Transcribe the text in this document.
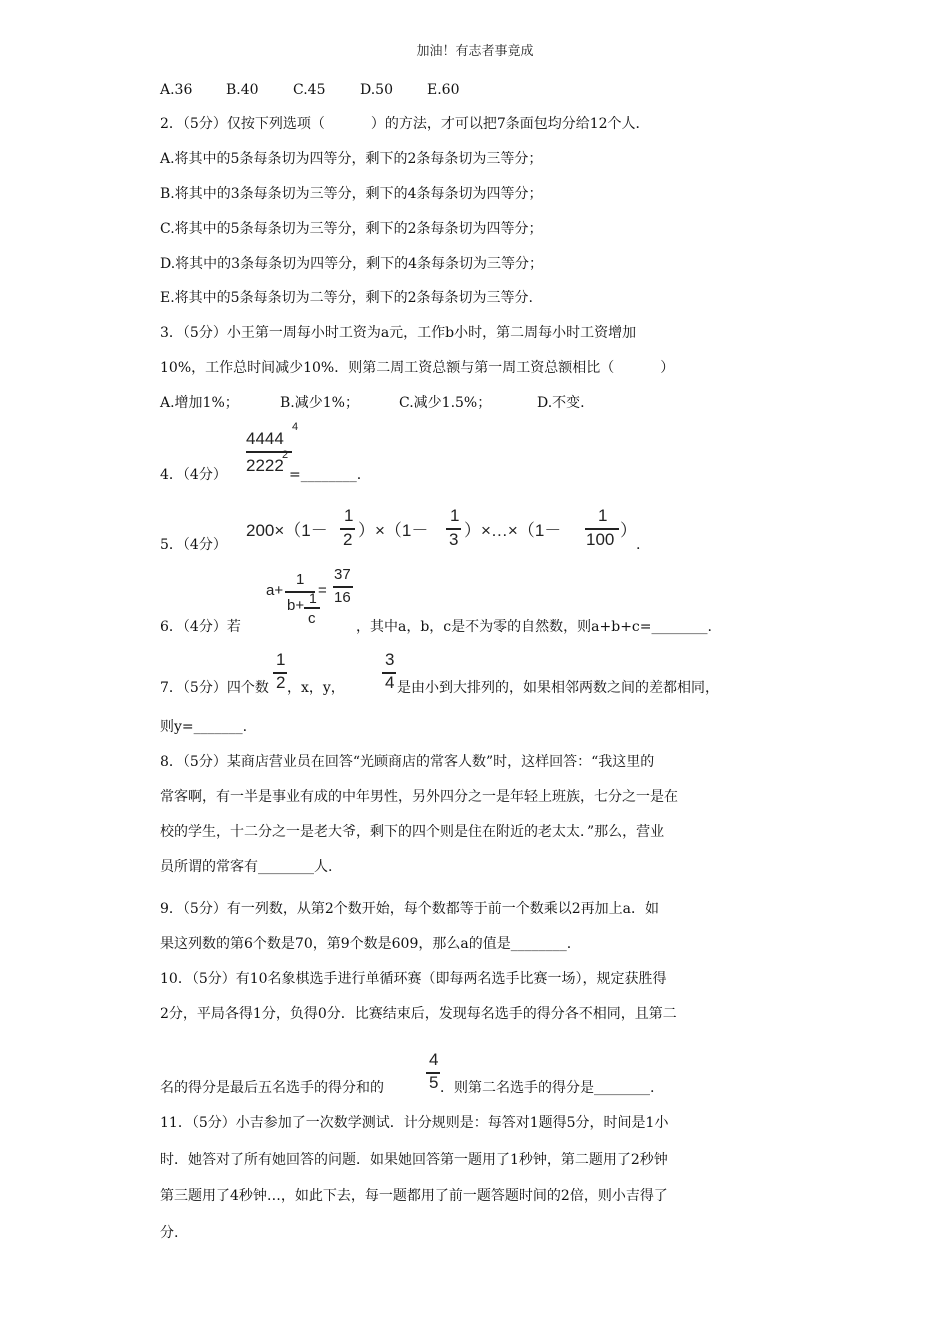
加油！有志者事竟成
A.36 B.40 C.45 D.50 E.60
2．（5分）仅按下列选项（	）的方法，才可以把7条面包均分给12个人．
A.将其中的5条每条切为四等分，剩下的2条每条切为三等分；
B.将其中的3条每条切为三等分，剩下的4条每条切为四等分；
C.将其中的5条每条切为三等分，剩下的2条每条切为四等分；
D.将其中的3条每条切为四等分，剩下的4条每条切为三等分；
E.将其中的5条每条切为二等分，剩下的2条每条切为三等分.
3．（5分）小王第一周每小时工资为a元，工作b小时，第二周每小时工资增加
10%，工作总时间减少10%．则第二周工资总额与第一周工资总额相比（	）
A.增加1%；	B.减少1%；	C.减少1.5%；	D.不变.
4．（4分）
4444
4
2222
2
=________.
5．（4分）
200×（1－
1
2 ）×（1－
1
3 ）×…×（1－
1
100 ）
.
6．（4分）若
a+
1
b+ 1
c
=
37
16
，其中a，b，c是不为零的自然数，则a+b+c=________.
7．（5分）四个数
1
2 ，x，y，
3
4 是由小到大排列的，如果相邻两数之间的差都相同，
则y=_______.
8．（5分）某商店营业员在回答“光顾商店的常客人数”时，这样回答：“我这里的
常客啊，有一半是事业有成的中年男性，另外四分之一是年轻上班族，七分之一是在
校的学生，十二分之一是老大爷，剩下的四个则是住在附近的老太太．”那么，营业
员所谓的常客有________人.
9．（5分）有一列数，从第2个数开始，每个数都等于前一个数乘以2再加上a．如
果这列数的第6个数是70，第9个数是609，那么a的值是________.
10．（5分）有10名象棋选手进行单循环赛（即每两名选手比赛一场），规定获胜得
2分，平局各得1分，负得0分．比赛结束后，发现每名选手的得分各不相同，且第二
名的得分是最后五名选手的得分和的
4
5 ．则第二名选手的得分是________.
11．（5分）小吉参加了一次数学测试．计分规则是：每答对1题得5分，时间是1小
时．她答对了所有她回答的问题．如果她回答第一题用了1秒钟，第二题用了2秒钟
第三题用了4秒钟…，如此下去，每一题都用了前一题答题时间的2倍，则小吉得了
分.
